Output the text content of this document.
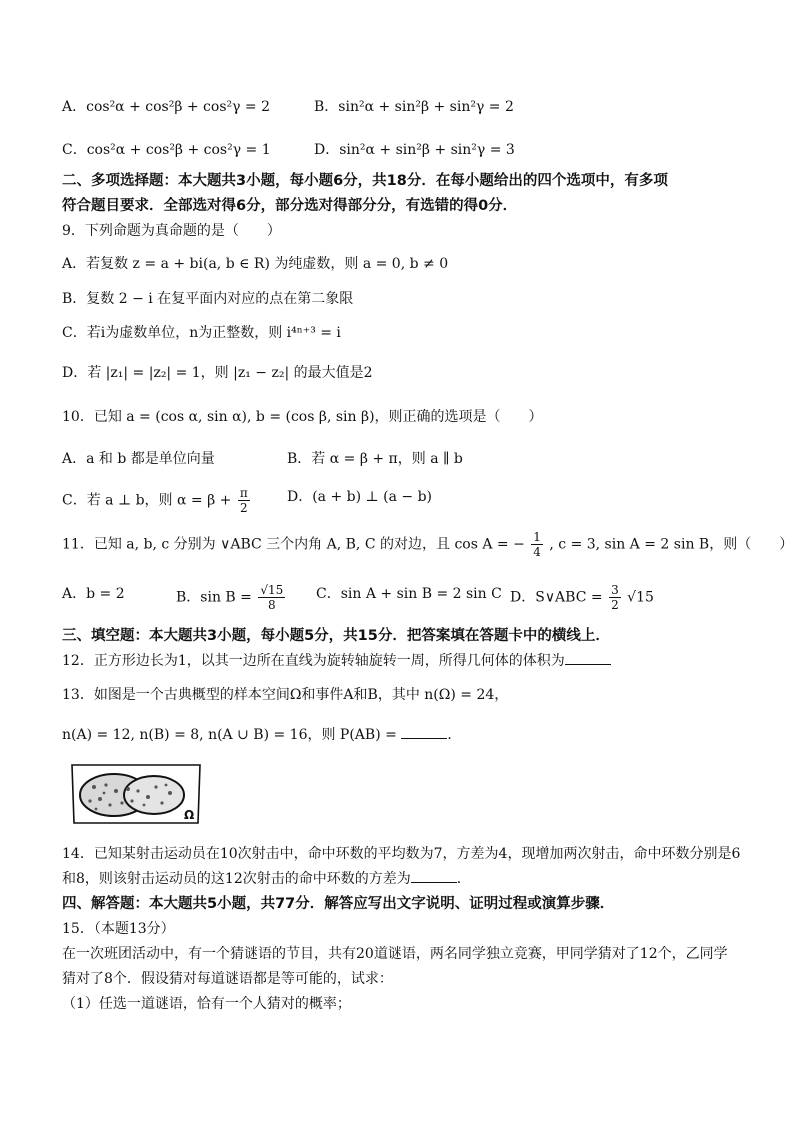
A．cos²α + cos²β + cos²γ = 2	B．sin²α + sin²β + sin²γ = 2
C．cos²α + cos²β + cos²γ = 1	D．sin²α + sin²β + sin²γ = 3
二、多项选择题：本大题共3小题，每小题6分，共18分．在每小题给出的四个选项中，有多项
符合题目要求．全部选对得6分，部分选对得部分分，有选错的得0分．
9．下列命题为真命题的是（　　）
A．若复数 z = a + bi(a, b ∈ R) 为纯虚数，则 a = 0, b ≠ 0
B．复数 2 − i 在复平面内对应的点在第二象限
C．若i为虚数单位，n为正整数，则 i⁴ⁿ⁺³ = i
D．若 |z₁| = |z₂| = 1，则 |z₁ − z₂| 的最大值是2
10．已知 a = (cos α, sin α), b = (cos β, sin β)，则正确的选项是（　　）
A．a 和 b 都是单位向量	B．若 α = β + π，则 a ∥ b
C．若 a ⊥ b，则 $\alpha = \beta + \frac{\pi}{2}$	D．(a + b) ⊥ (a − b)
11．已知 a, b, c 分别为 ∨ABC 三个内角 A, B, C 的对边，且 cos A = − $\frac{1}{4}$ , c = 3, sin A = 2 sin B，则（　　）
A．b = 2	B．$\sin B = \frac{√15}{8}$ C．sin A + sin B = 2 sin C D．S∨ABC = $\frac{3}{2} √15$
三、填空题：本大题共3小题，每小题5分，共15分．把答案填在答题卡中的横线上．
12．正方形边长为1，以其一边所在直线为旋转轴旋转一周，所得几何体的体积为
13．如图是一个古典概型的样本空间Ω和事件A和B，其中 n(Ω) = 24，
n(A) = 12, n(B) = 8, n(A ∪ B) = 16，则 P(AB) =	．
Ω
14．已知某射击运动员在10次射击中，命中环数的平均数为7，方差为4，现增加两次射击，命中环数分别是6
和8，则该射击运动员的这12次射击的命中环数的方差为	．
四、解答题：本大题共5小题，共77分．解答应写出文字说明、证明过程或演算步骤．
15．（本题13分）
在一次班团活动中，有一个猜谜语的节目，共有20道谜语，两名同学独立竞赛，甲同学猜对了12个，乙同学
猜对了8个．假设猜对每道谜语都是等可能的，试求：
（1）任选一道谜语，恰有一个人猜对的概率；
